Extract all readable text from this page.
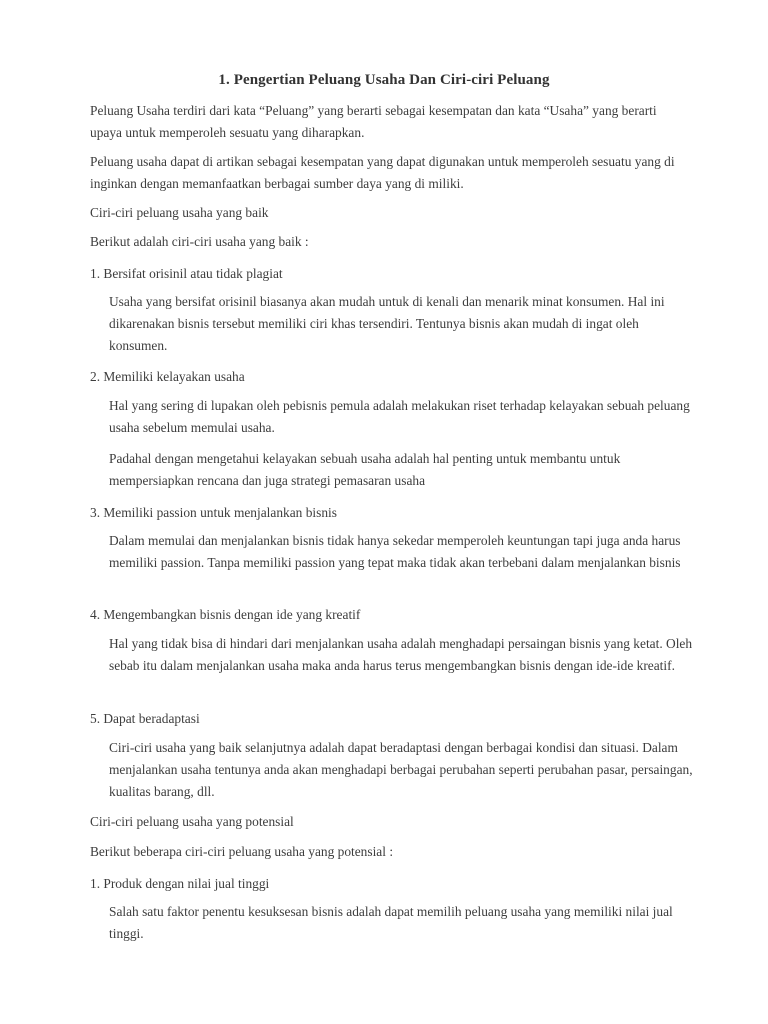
1. Pengertian Peluang Usaha Dan Ciri-ciri Peluang

Peluang Usaha terdiri dari kata “Peluang” yang berarti sebagai kesempatan dan kata “Usaha” yang berarti upaya untuk memperoleh sesuatu yang diharapkan.

Peluang usaha dapat di artikan sebagai kesempatan yang dapat digunakan untuk memperoleh sesuatu yang di inginkan dengan memanfaatkan berbagai sumber daya yang di miliki.

Ciri-ciri peluang usaha yang baik

Berikut adalah ciri-ciri usaha yang baik :

1. Bersifat orisinil atau tidak plagiat

Usaha yang bersifat orisinil biasanya akan mudah untuk di kenali dan menarik minat konsumen. Hal ini dikarenakan bisnis tersebut memiliki ciri khas tersendiri. Tentunya bisnis akan mudah di ingat oleh konsumen.

2. Memiliki kelayakan usaha

Hal yang sering di lupakan oleh pebisnis pemula adalah melakukan riset terhadap kelayakan sebuah peluang usaha sebelum memulai usaha.

Padahal dengan mengetahui kelayakan sebuah usaha adalah hal penting untuk membantu untuk mempersiapkan rencana dan juga strategi pemasaran usaha

3. Memiliki passion untuk menjalankan bisnis

Dalam memulai dan menjalankan bisnis tidak hanya sekedar memperoleh keuntungan tapi juga anda harus memiliki passion. Tanpa memiliki passion yang tepat maka tidak akan terbebani dalam menjalankan bisnis

4. Mengembangkan bisnis dengan ide yang kreatif

Hal yang tidak bisa di hindari dari menjalankan usaha adalah menghadapi persaingan bisnis yang ketat. Oleh sebab itu dalam menjalankan usaha maka anda harus terus mengembangkan bisnis dengan ide-ide kreatif.

5. Dapat beradaptasi

Ciri-ciri usaha yang baik selanjutnya adalah dapat beradaptasi dengan berbagai kondisi dan situasi. Dalam menjalankan usaha tentunya anda akan menghadapi berbagai perubahan seperti perubahan pasar, persaingan, kualitas barang, dll.

Ciri-ciri peluang usaha yang potensial

Berikut beberapa ciri-ciri peluang usaha yang potensial :

1. Produk dengan nilai jual tinggi

Salah satu faktor penentu kesuksesan bisnis adalah dapat memilih peluang usaha yang memiliki nilai jual tinggi.
